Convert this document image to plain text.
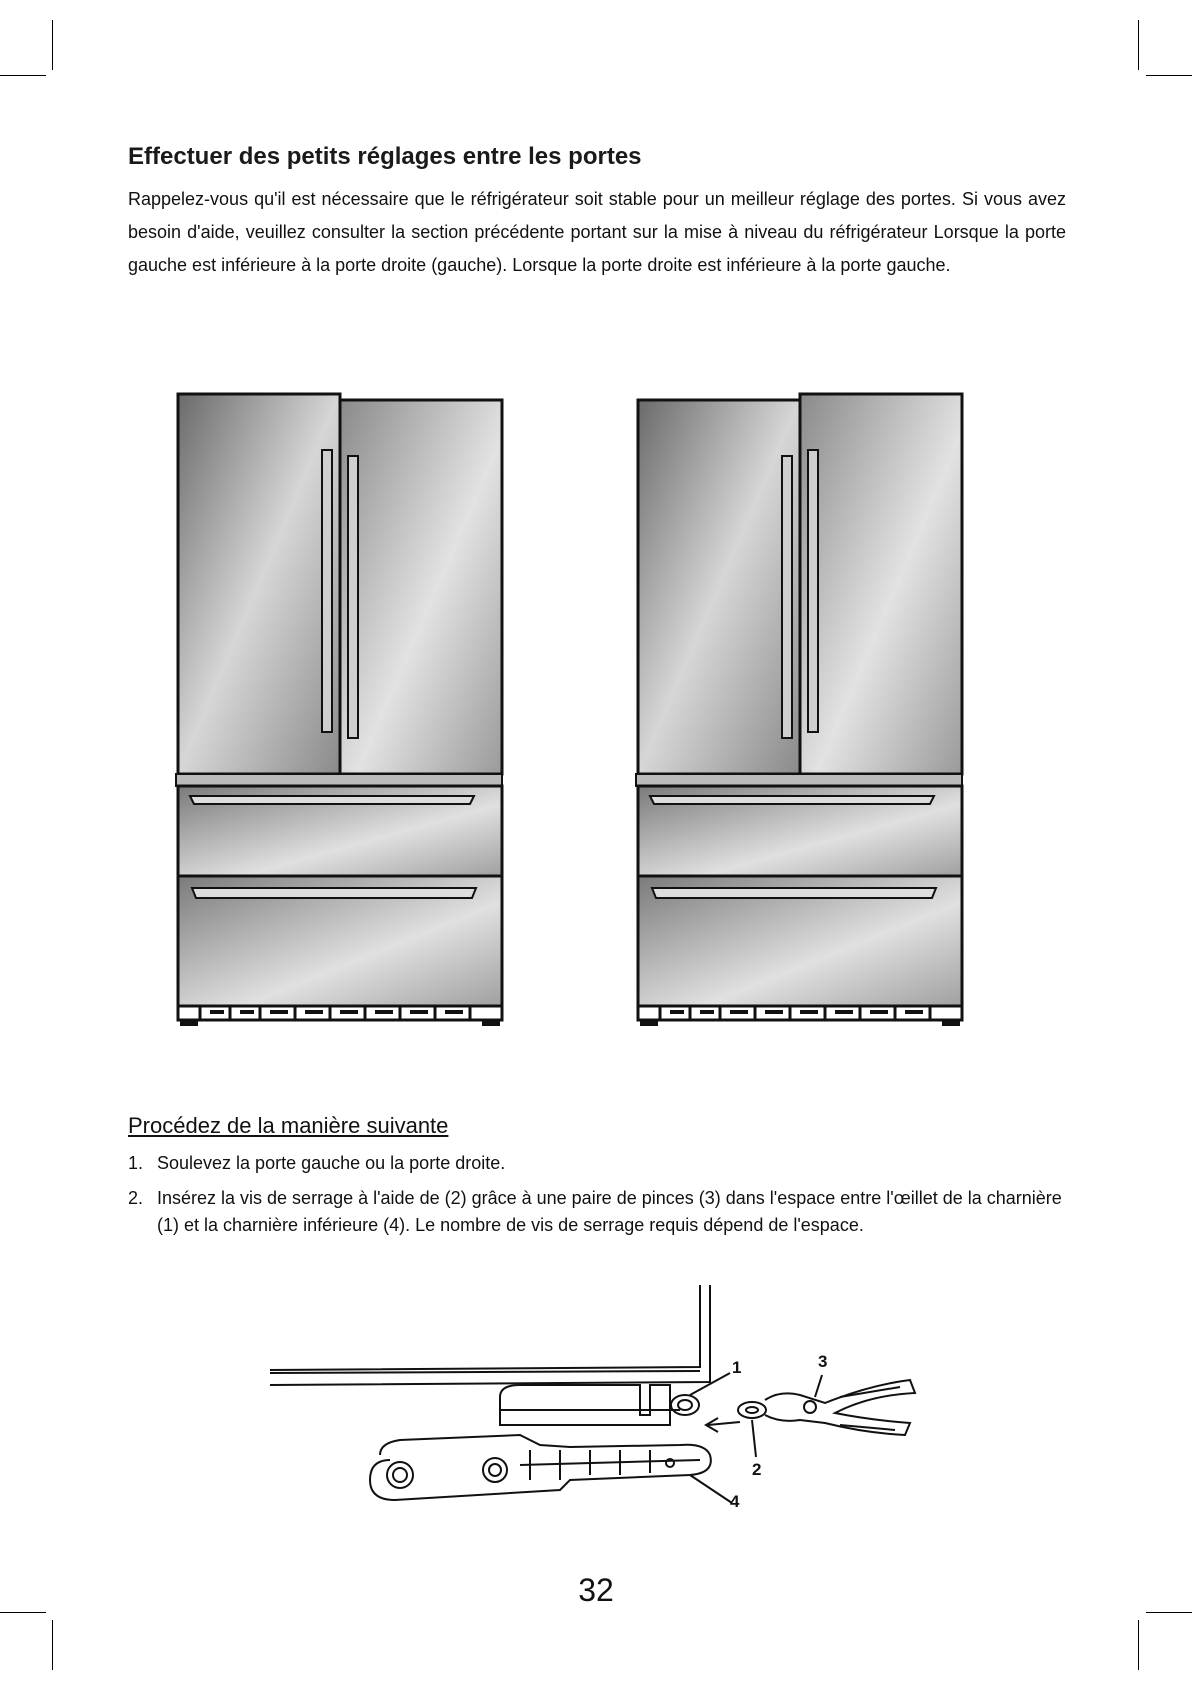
Effectuer des petits réglages entre les portes

Rappelez-vous qu'il est nécessaire que le réfrigérateur soit stable pour un meilleur réglage des portes. Si vous avez besoin d'aide, veuillez consulter la section précédente portant sur la mise à niveau du réfrigérateur Lorsque la porte gauche est inférieure à la porte droite (gauche). Lorsque la porte droite est inférieure à la porte gauche.

Procédez de la manière suivante
1. Soulevez la porte gauche ou la porte droite.
2. Insérez la vis de serrage à l'aide de (2) grâce à une paire de pinces (3) dans l'espace entre l'œillet de la charnière (1) et la charnière inférieure (4). Le nombre de vis de serrage requis dépend de l'espace.
1
2
3
4
32
